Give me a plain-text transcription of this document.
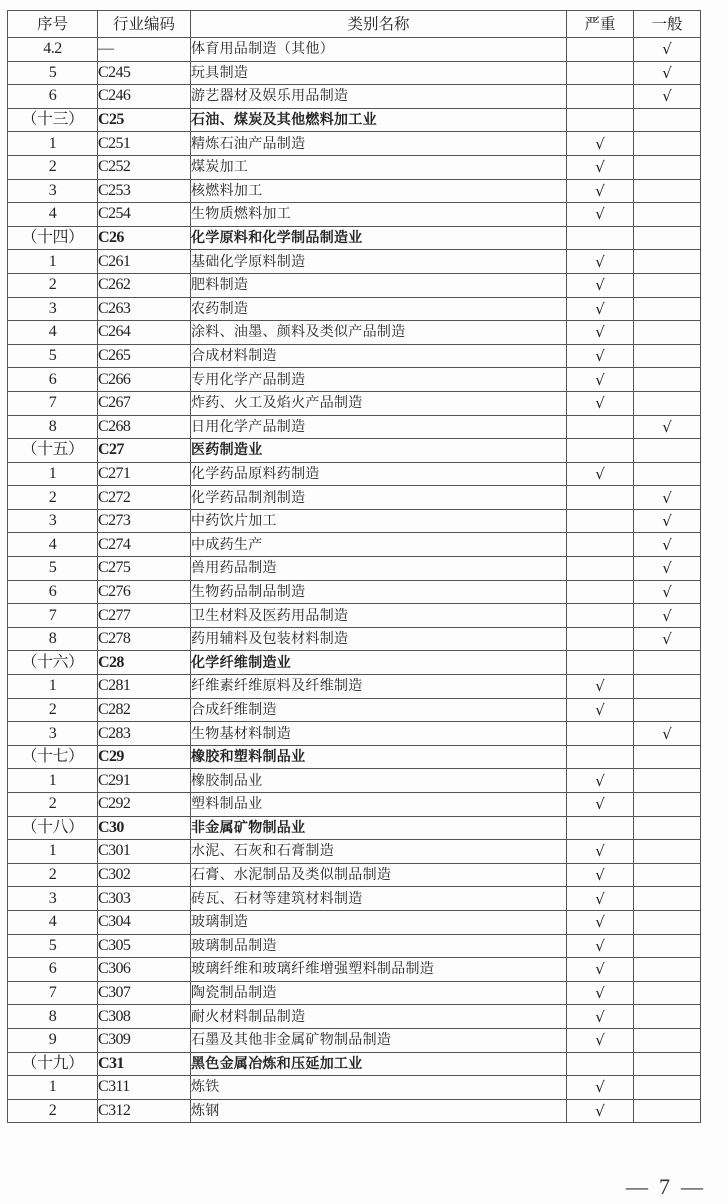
序号	行业编码	类别名称	严重	一般
4.2	—	体育用品制造（其他）		√
5	C245	玩具制造		√
6	C246	游艺器材及娱乐用品制造		√
（十三）	C25	石油、煤炭及其他燃料加工业		
1	C251	精炼石油产品制造	√	
2	C252	煤炭加工	√	
3	C253	核燃料加工	√	
4	C254	生物质燃料加工	√	
（十四）	C26	化学原料和化学制品制造业		
1	C261	基础化学原料制造	√	
2	C262	肥料制造	√	
3	C263	农药制造	√	
4	C264	涂料、油墨、颜料及类似产品制造	√	
5	C265	合成材料制造	√	
6	C266	专用化学产品制造	√	
7	C267	炸药、火工及焰火产品制造	√	
8	C268	日用化学产品制造		√
（十五）	C27	医药制造业		
1	C271	化学药品原料药制造	√	
2	C272	化学药品制剂制造		√
3	C273	中药饮片加工		√
4	C274	中成药生产		√
5	C275	兽用药品制造		√
6	C276	生物药品制品制造		√
7	C277	卫生材料及医药用品制造		√
8	C278	药用辅料及包装材料制造		√
（十六）	C28	化学纤维制造业		
1	C281	纤维素纤维原料及纤维制造	√	
2	C282	合成纤维制造	√	
3	C283	生物基材料制造		√
（十七）	C29	橡胶和塑料制品业		
1	C291	橡胶制品业	√	
2	C292	塑料制品业	√	
（十八）	C30	非金属矿物制品业		
1	C301	水泥、石灰和石膏制造	√	
2	C302	石膏、水泥制品及类似制品制造	√	
3	C303	砖瓦、石材等建筑材料制造	√	
4	C304	玻璃制造	√	
5	C305	玻璃制品制造	√	
6	C306	玻璃纤维和玻璃纤维增强塑料制品制造	√	
7	C307	陶瓷制品制造	√	
8	C308	耐火材料制品制造	√	
9	C309	石墨及其他非金属矿物制品制造	√	
（十九）	C31	黑色金属冶炼和压延加工业		
1	C311	炼铁	√	
2	C312	炼钢	√	
—  7  —
